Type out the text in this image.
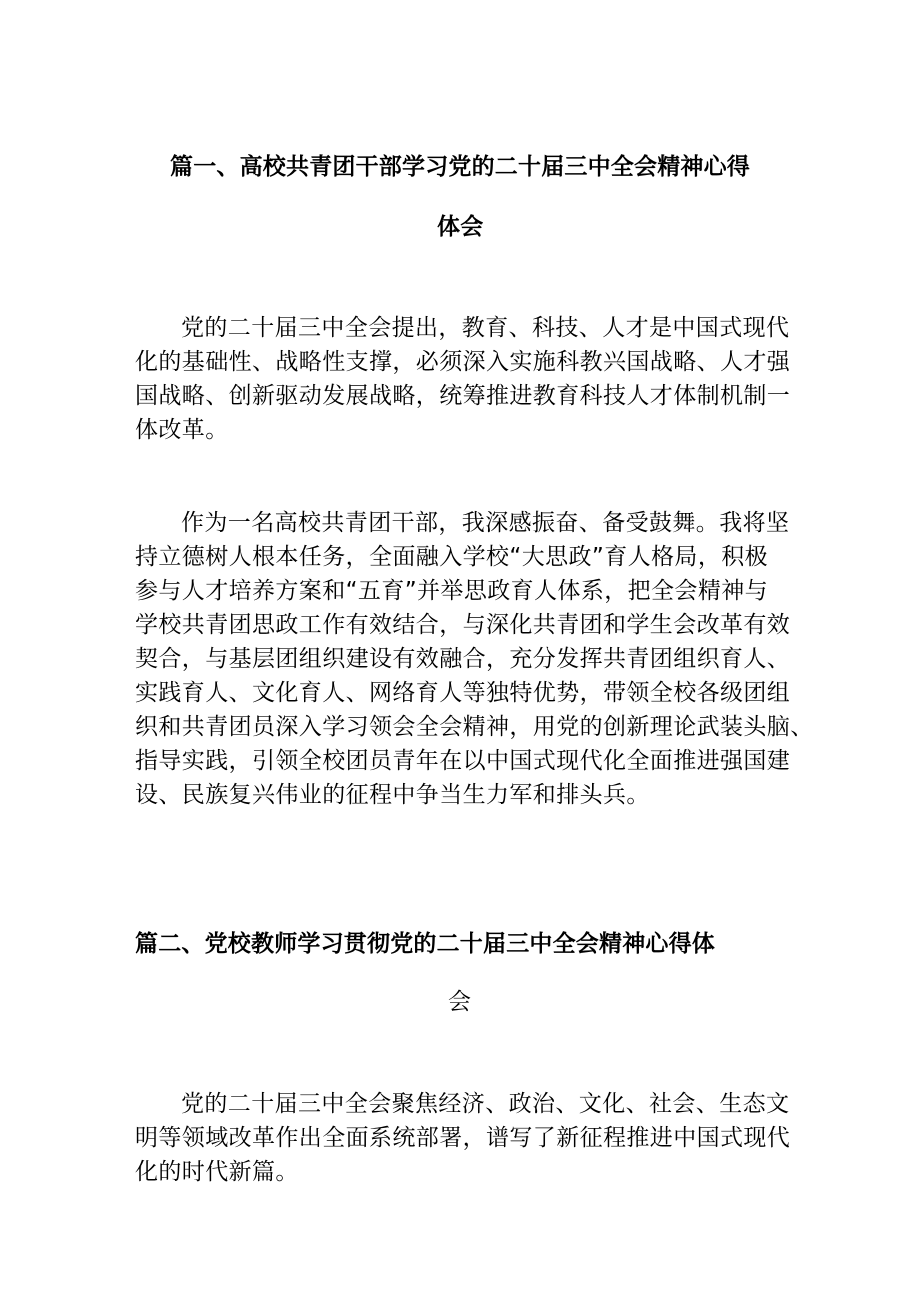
篇一、高校共青团干部学习党的二十届三中全会精神心得
体会
党的二十届三中全会提出，教育、科技、人才是中国式现代
化的基础性、战略性支撑，必须深入实施科教兴国战略、人才强
国战略、创新驱动发展战略，统筹推进教育科技人才体制机制一
体改革。
作为一名高校共青团干部，我深感振奋、备受鼓舞。我将坚
持立德树人根本任务，全面融入学校“大思政”育人格局，积极
参与人才培养方案和“五育”并举思政育人体系，把全会精神与
学校共青团思政工作有效结合，与深化共青团和学生会改革有效
契合，与基层团组织建设有效融合，充分发挥共青团组织育人、
实践育人、文化育人、网络育人等独特优势，带领全校各级团组
织和共青团员深入学习领会全会精神，用党的创新理论武装头脑、
指导实践，引领全校团员青年在以中国式现代化全面推进强国建
设、民族复兴伟业的征程中争当生力军和排头兵。
篇二、党校教师学习贯彻党的二十届三中全会精神心得体
会
党的二十届三中全会聚焦经济、政治、文化、社会、生态文
明等领域改革作出全面系统部署，谱写了新征程推进中国式现代
化的时代新篇。
